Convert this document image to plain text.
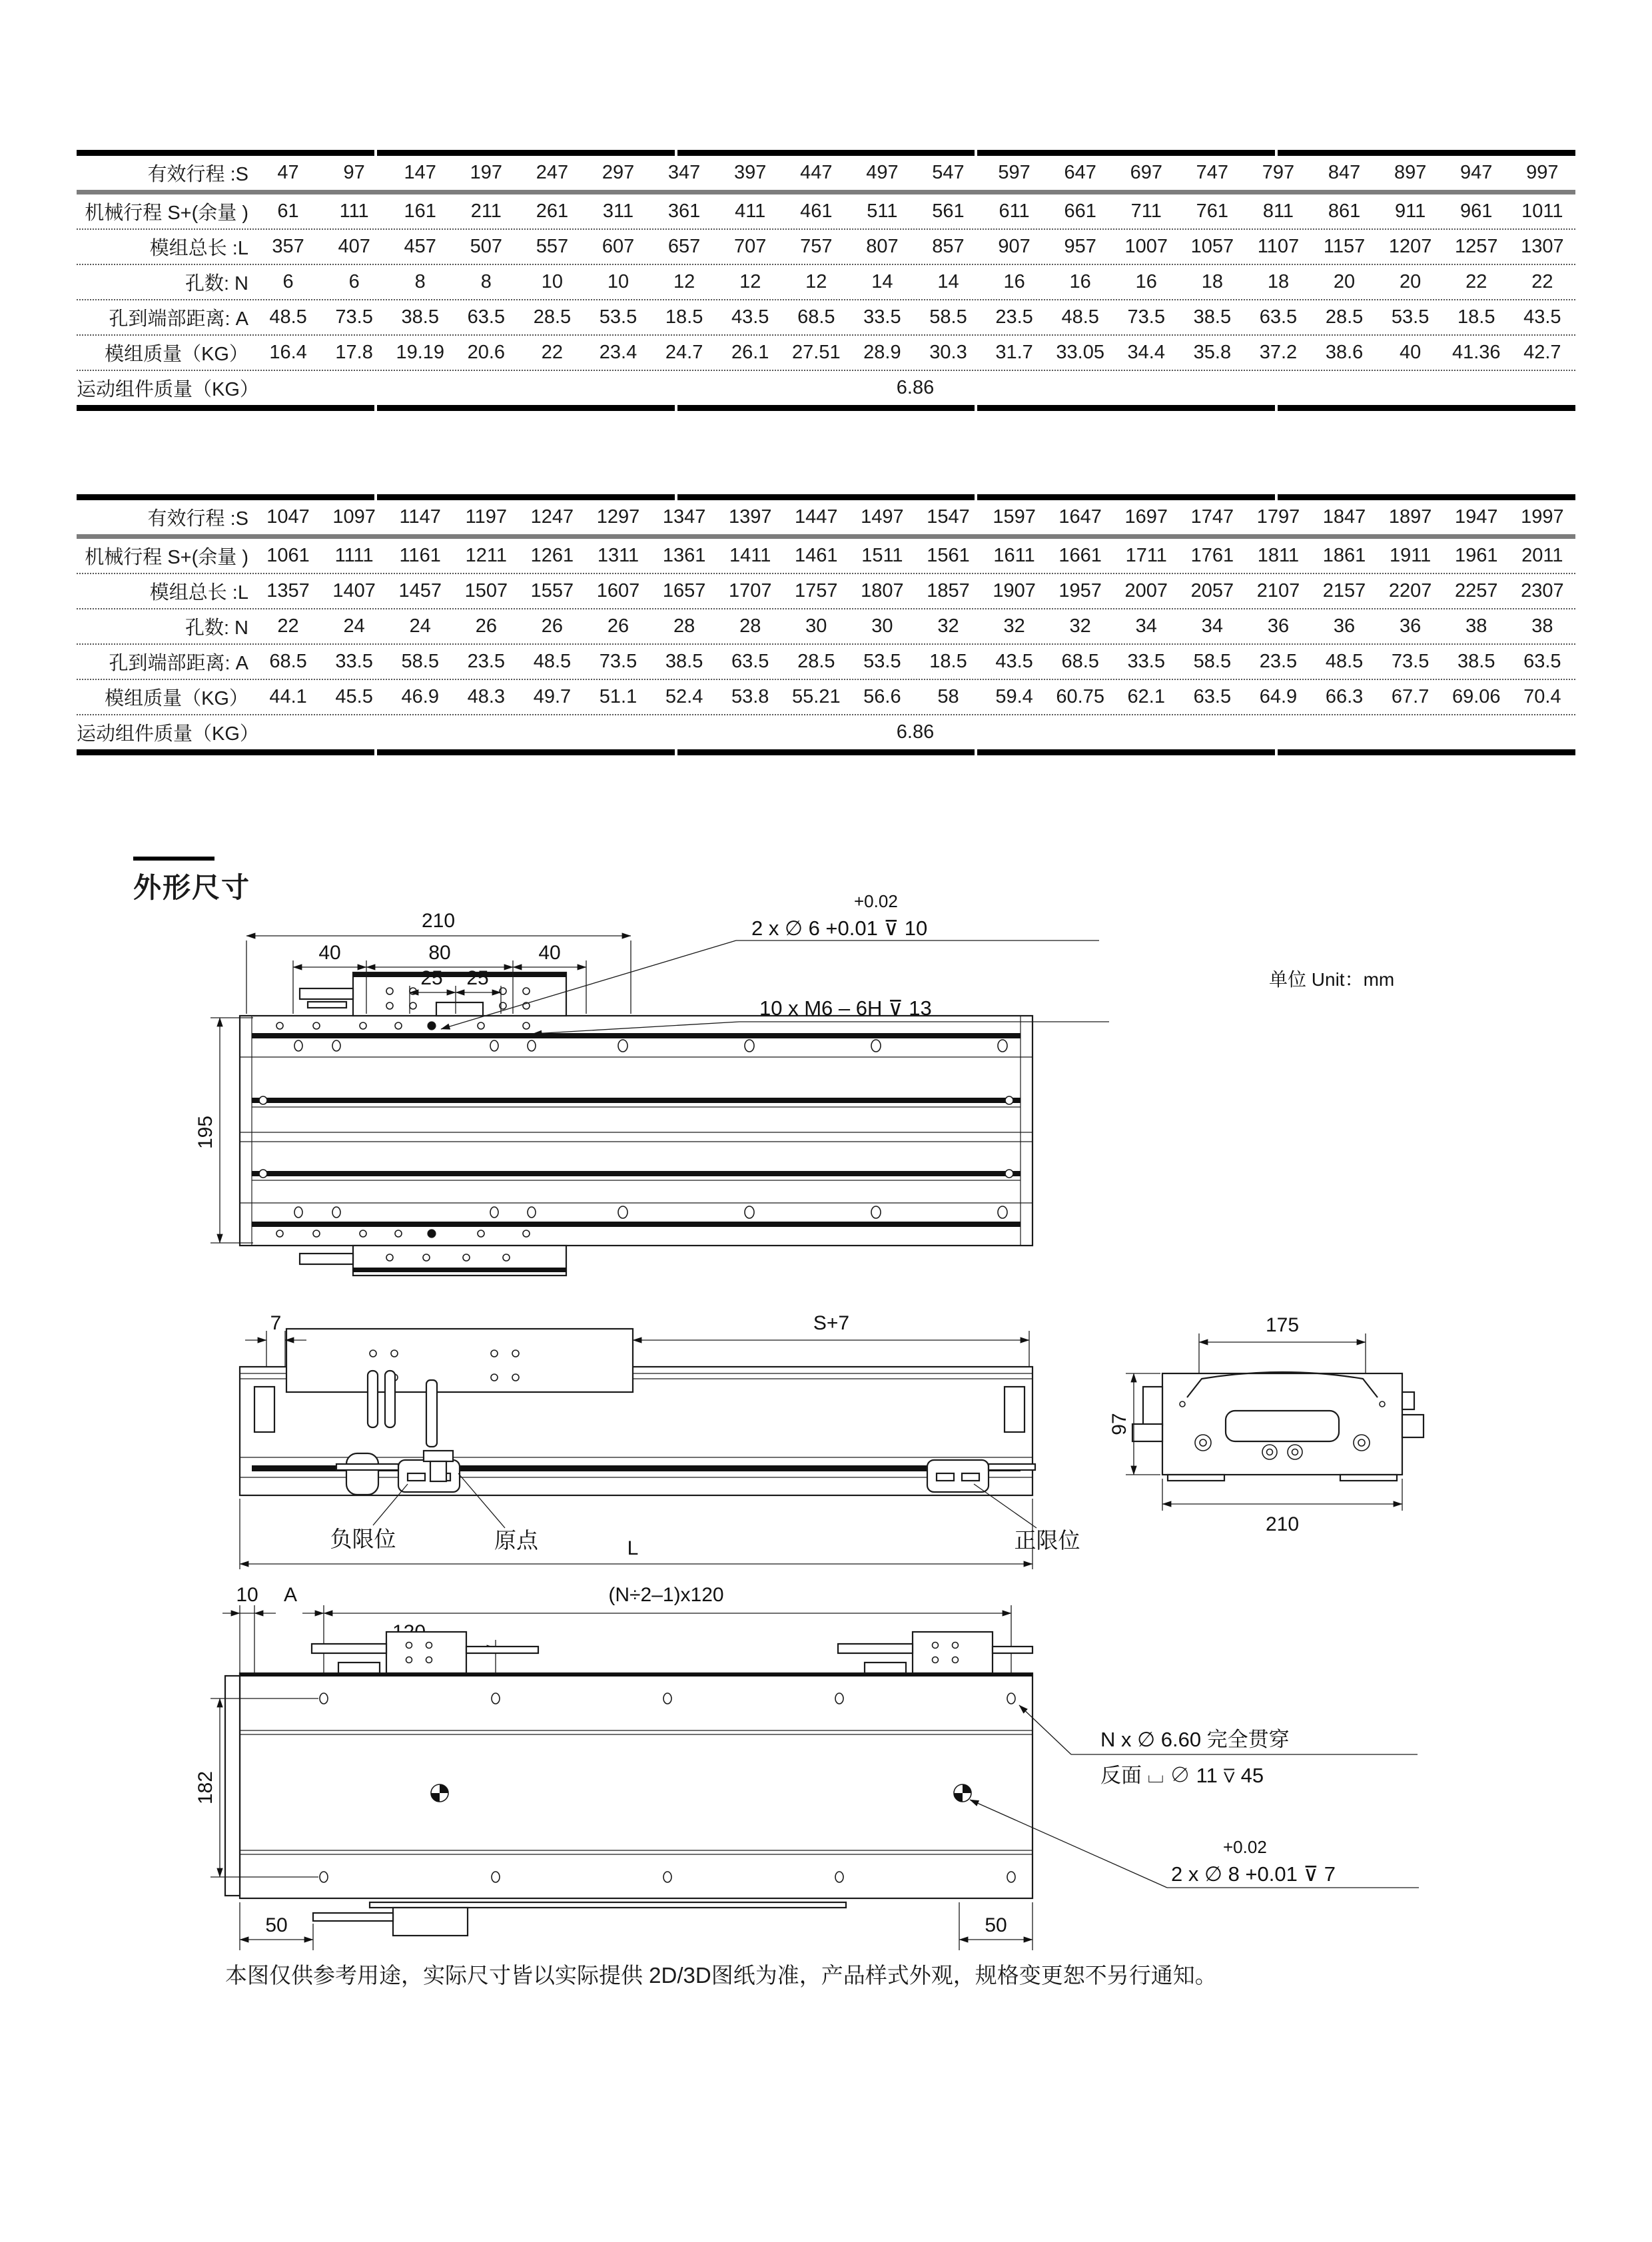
有效行程 :S	47	97	147	197	247	297	347	397	447	497	547	597	647	697	747	797	847	897	947	997
机械行程 S+(余量 )	61	111	161	211	261	311	361	411	461	511	561	611	661	711	761	811	861	911	961	1011
模组总长 :L	357	407	457	507	557	607	657	707	757	807	857	907	957	1007	1057	1107	1157	1207	1257	1307
孔数: N	6	6	8	8	10	10	12	12	12	14	14	16	16	16	18	18	20	20	22	22
孔到端部距离: A	48.5	73.5	38.5	63.5	28.5	53.5	18.5	43.5	68.5	33.5	58.5	23.5	48.5	73.5	38.5	63.5	28.5	53.5	18.5	43.5
模组质量（KG）	16.4	17.8	19.19	20.6	22	23.4	24.7	26.1	27.51	28.9	30.3	31.7	33.05	34.4	35.8	37.2	38.6	40	41.36	42.7
运动组件质量（KG）	6.86
有效行程 :S 1047	1097	1147	1197	1247	1297	1347	1397	1447	1497	1547	1597	1647	1697	1747	1797	1847	1897	1947	1997
机械行程 S+(余量 ) 1061	1111	1161	1211	1261	1311	1361	1411	1461	1511	1561	1611	1661	1711	1761	1811	1861	1911	1961	2011
模组总长 :L 1357	1407	1457	1507	1557	1607	1657	1707	1757	1807	1857	1907	1957	2007	2057	2107	2157	2207	2257	2307
孔数: N	22	24	24	26	26	26	28	28	30	30	32	32	32	34	34	36	36	36	38	38
孔到端部距离: A	68.5	33.5	58.5	23.5	48.5	73.5	38.5	63.5	28.5	53.5	18.5	43.5	68.5	33.5	58.5	23.5	48.5	73.5	38.5	63.5
模组质量（KG）	44.1	45.5	46.9	48.3	49.7	51.1	52.4	53.8	55.21	56.6	58	59.4	60.75	62.1	63.5	64.9	66.3	67.7	69.06	70.4
运动组件质量（KG）	6.86
外形尺寸
210
40	80	40
25 25
195
+0.02
2 x ∅ 6 +0.01 ⊽ 10
10 x M6 – 6H ⊽ 13
单位 Unit：mm
7	S+7
负限位	原点	正限位
L
175
97
210
10 A	(N÷2–1)x120
182
N x ∅ 6.60 完全贯穿
反面 ⌴ ∅ 11 ⊽ 45
+0.02
2 x ∅ 8 +0.01 ⊽ 7
50	50
本图仅供参考用途，实际尺寸皆以实际提供 2D/3D图纸为准，产品样式外观，规格变更恕不另行通知。
